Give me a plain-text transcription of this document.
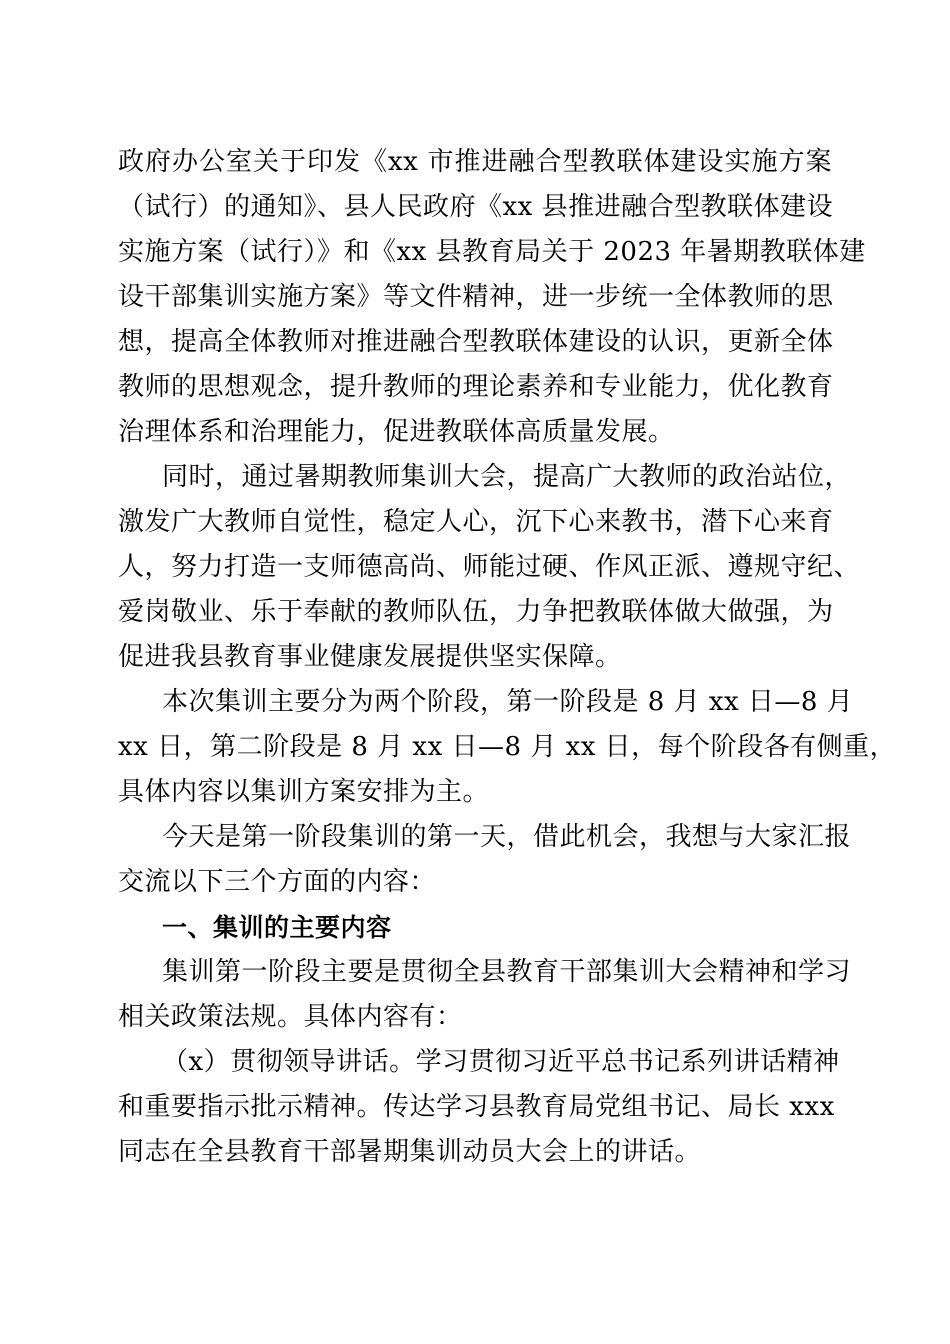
政府办公室关于印发《xx 市推进融合型教联体建设实施方案
（试行）的通知》、县人民政府《xx 县推进融合型教联体建设
实施方案（试行）》和《xx 县教育局关于 2023 年暑期教联体建
设干部集训实施方案》等文件精神，进一步统一全体教师的思
想，提高全体教师对推进融合型教联体建设的认识，更新全体
教师的思想观念，提升教师的理论素养和专业能力，优化教育
治理体系和治理能力，促进教联体高质量发展。
同时，通过暑期教师集训大会，提高广大教师的政治站位，
激发广大教师自觉性，稳定人心，沉下心来教书，潜下心来育
人，努力打造一支师德高尚、师能过硬、作风正派、遵规守纪、
爱岗敬业、乐于奉献的教师队伍，力争把教联体做大做强，为
促进我县教育事业健康发展提供坚实保障。
本次集训主要分为两个阶段，第一阶段是 8 月 xx 日—8 月
xx 日，第二阶段是 8 月 xx 日—8 月 xx 日，每个阶段各有侧重，
具体内容以集训方案安排为主。
今天是第一阶段集训的第一天，借此机会，我想与大家汇报
交流以下三个方面的内容：
一、集训的主要内容
集训第一阶段主要是贯彻全县教育干部集训大会精神和学习
相关政策法规。具体内容有：
（x）贯彻领导讲话。学习贯彻习近平总书记系列讲话精神
和重要指示批示精神。传达学习县教育局党组书记、局长 xxx
同志在全县教育干部暑期集训动员大会上的讲话。
